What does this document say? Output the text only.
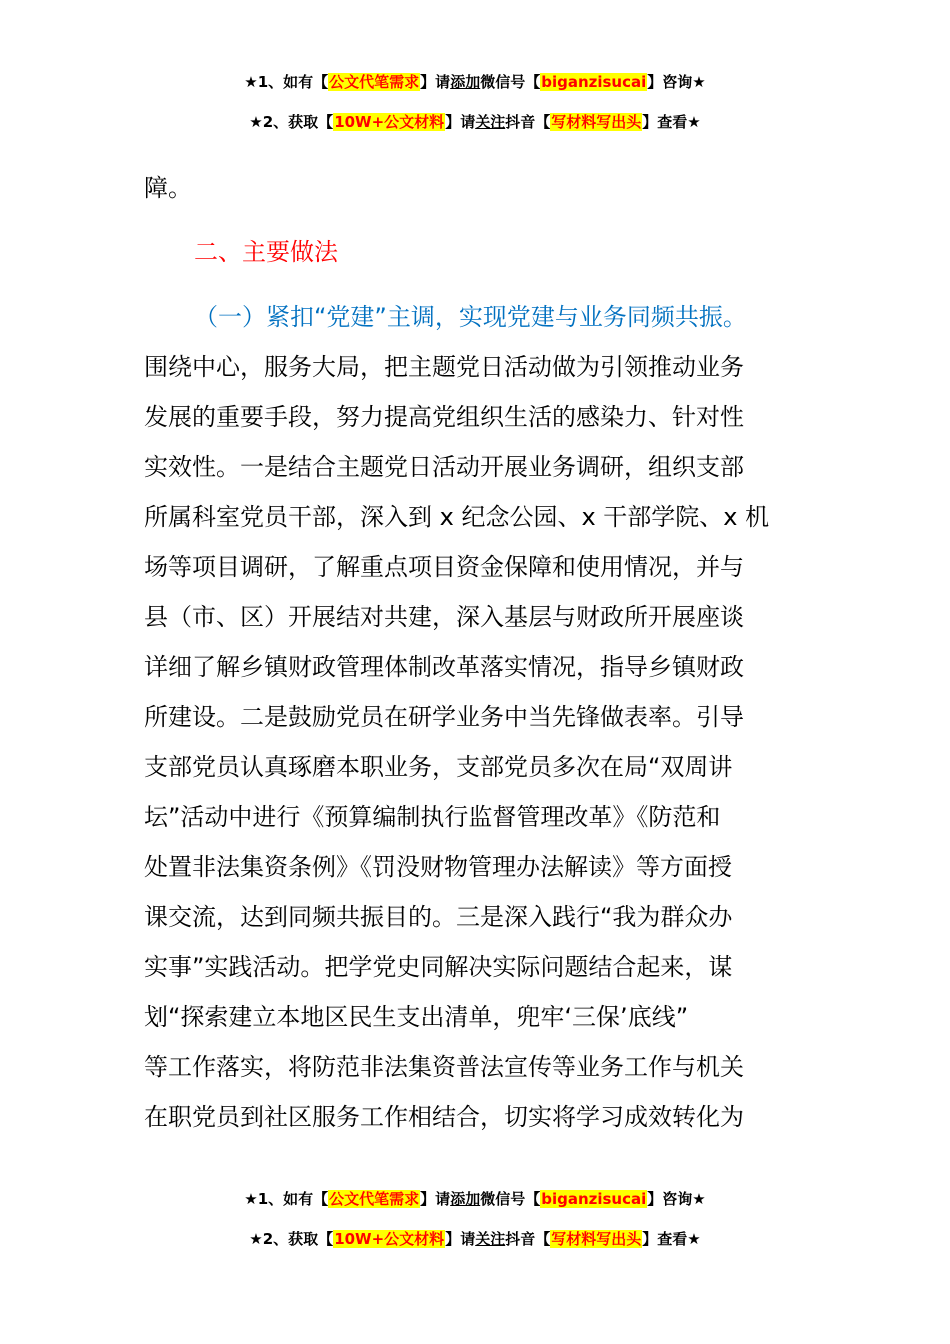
★1、如有【公文代笔需求】请添加微信号【biganzisucai】咨询★
★2、获取【10W+公文材料】请关注抖音【写材料写出头】查看★
障。
二、主要做法
（一）紧扣“党建”主调，实现党建与业务同频共振。
围绕中心，服务大局，把主题党日活动做为引领推动业务
发展的重要手段，努力提高党组织生活的感染力、针对性
实效性。一是结合主题党日活动开展业务调研，组织支部
所属科室党员干部，深入到 x 纪念公园、x 干部学院、x 机
场等项目调研，了解重点项目资金保障和使用情况，并与
县（市、区）开展结对共建，深入基层与财政所开展座谈
详细了解乡镇财政管理体制改革落实情况，指导乡镇财政
所建设。二是鼓励党员在研学业务中当先锋做表率。引导
支部党员认真琢磨本职业务，支部党员多次在局“双周讲
坛”活动中进行《预算编制执行监督管理改革》《防范和
处置非法集资条例》《罚没财物管理办法解读》等方面授
课交流，达到同频共振目的。三是深入践行“我为群众办
实事”实践活动。把学党史同解决实际问题结合起来，谋
划“探索建立本地区民生支出清单，兜牢‘三保’底线”
等工作落实，将防范非法集资普法宣传等业务工作与机关
在职党员到社区服务工作相结合，切实将学习成效转化为
★1、如有【公文代笔需求】请添加微信号【biganzisucai】咨询★
★2、获取【10W+公文材料】请关注抖音【写材料写出头】查看★
